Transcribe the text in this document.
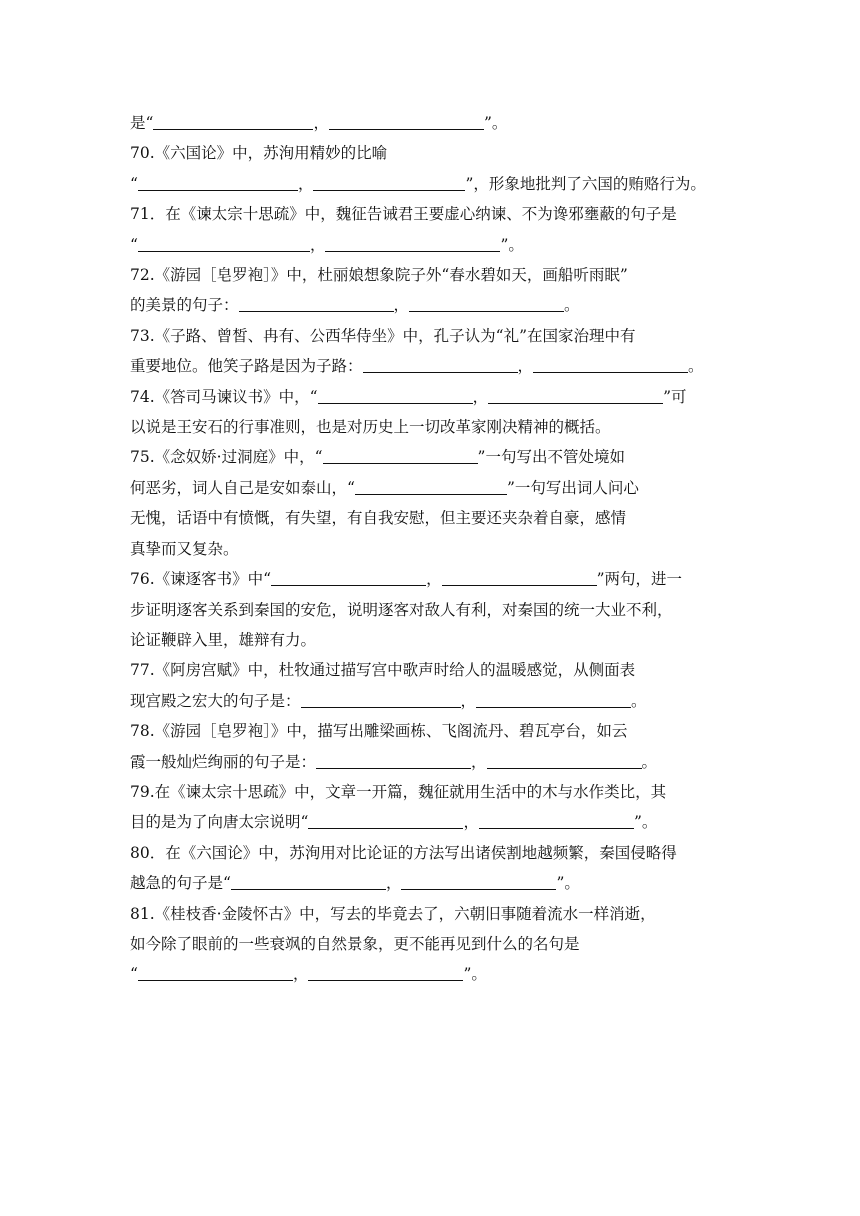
是“	，	”。
70.《六国论》中，苏洵用精妙的比喻
“	，	”，形象地批判了六国的贿赂行为。
71．在《谏太宗十思疏》中，魏征告诫君王要虚心纳谏、不为谗邪壅蔽的句子是
“	，	”。
72.《游园［皂罗袍］》中，杜丽娘想象院子外“春水碧如天，画船听雨眠”
的美景的句子：	，	。
73.《子路、曾皙、冉有、公西华侍坐》中，孔子认为“礼”在国家治理中有
重要地位。他笑子路是因为子路：	，	。
74.《答司马谏议书》中，“	，	”可
以说是王安石的行事准则，也是对历史上一切改革家刚决精神的概括。
75.《念奴娇·过洞庭》中，“	”一句写出不管处境如
何恶劣，词人自己是安如泰山，“	”一句写出词人问心
无愧，话语中有愤慨，有失望，有自我安慰，但主要还夹杂着自豪，感情
真挚而又复杂。
76.《谏逐客书》中“	，	”两句，进一
步证明逐客关系到秦国的安危，说明逐客对敌人有利，对秦国的统一大业不利，
论证鞭辟入里，雄辩有力。
77.《阿房宫赋》中，杜牧通过描写宫中歌声时给人的温暖感觉，从侧面表
现宫殿之宏大的句子是：	，	。
78.《游园［皂罗袍］》中，描写出雕梁画栋、飞阁流丹、碧瓦亭台，如云
霞一般灿烂绚丽的句子是：	，	。
79.在《谏太宗十思疏》中，文章一开篇，魏征就用生活中的木与水作类比，其
目的是为了向唐太宗说明“	，	”。
80．在《六国论》中，苏洵用对比论证的方法写出诸侯割地越频繁，秦国侵略得
越急的句子是“	，	”。
81.《桂枝香·金陵怀古》中，写去的毕竟去了，六朝旧事随着流水一样消逝，
如今除了眼前的一些衰飒的自然景象，更不能再见到什么的名句是
“	，	”。
